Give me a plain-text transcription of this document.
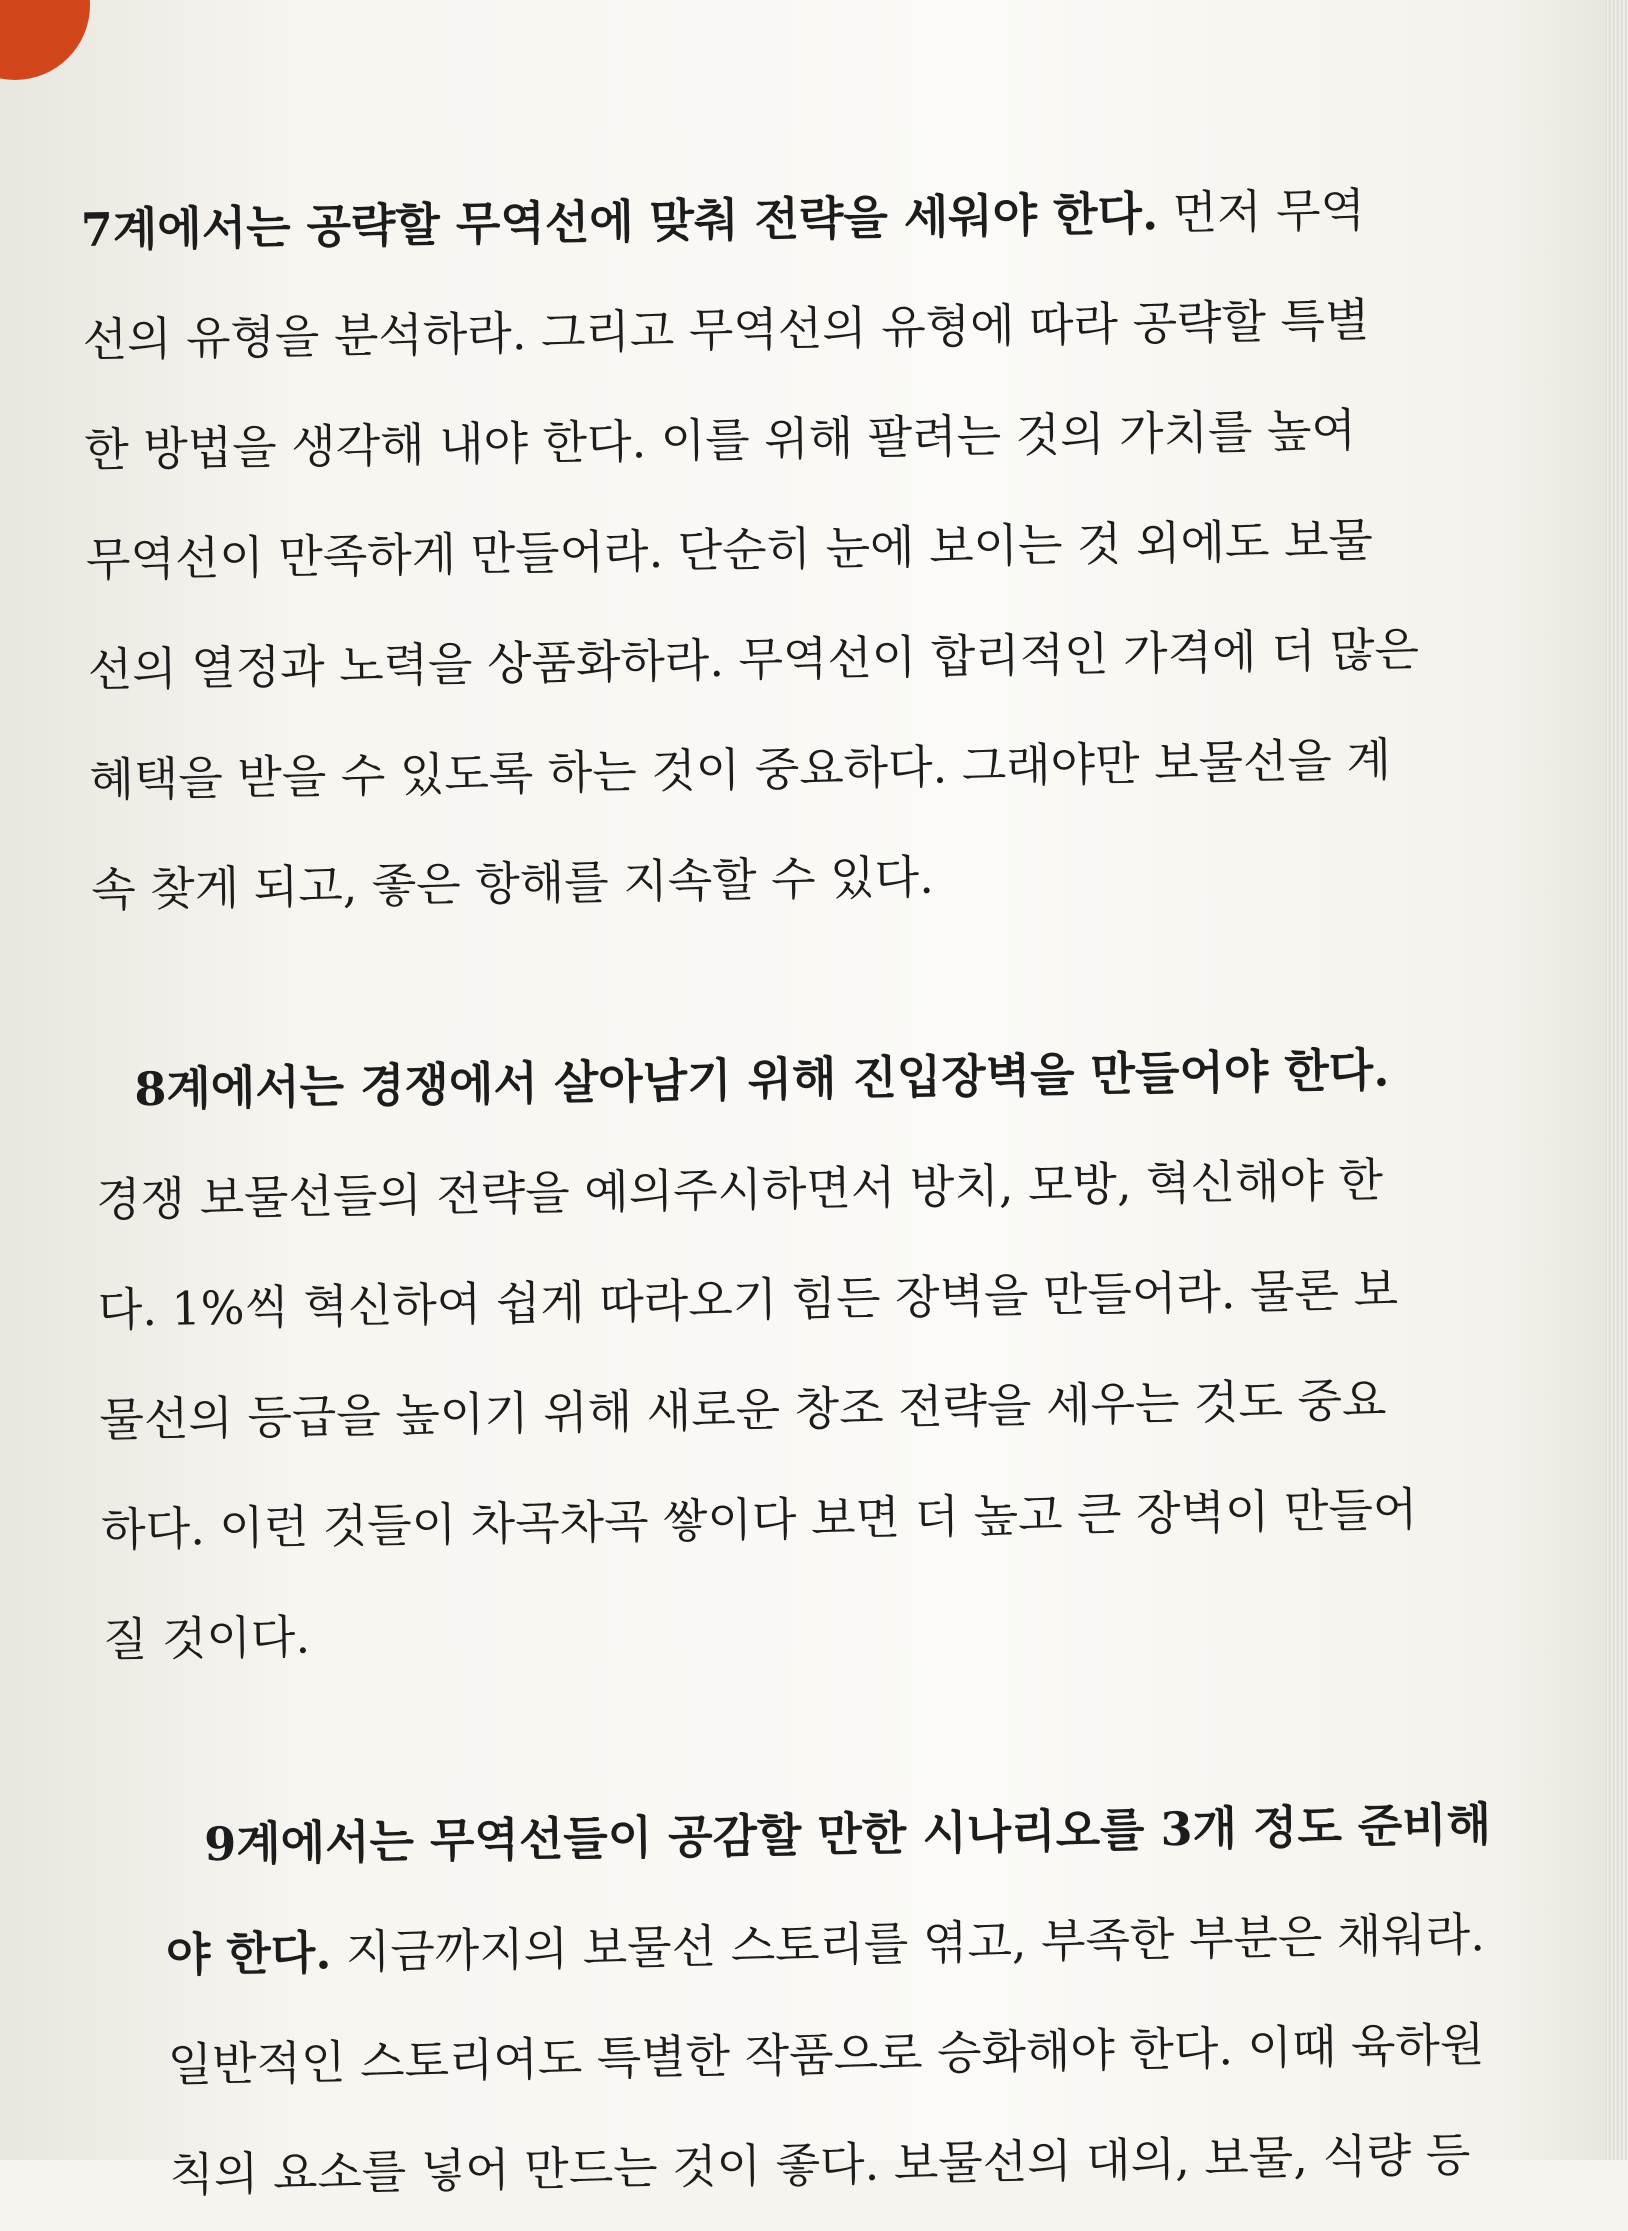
7계에서는 공략할 무역선에 맞춰 전략을 세워야 한다. 먼저 무역
선의 유형을 분석하라. 그리고 무역선의 유형에 따라 공략할 특별
한 방법을 생각해 내야 한다. 이를 위해 팔려는 것의 가치를 높여
무역선이 만족하게 만들어라. 단순히 눈에 보이는 것 외에도 보물
선의 열정과 노력을 상품화하라. 무역선이 합리적인 가격에 더 많은
혜택을 받을 수 있도록 하는 것이 중요하다. 그래야만 보물선을 계
속 찾게 되고, 좋은 항해를 지속할 수 있다.
8계에서는 경쟁에서 살아남기 위해 진입장벽을 만들어야 한다.
경쟁 보물선들의 전략을 예의주시하면서 방치, 모방, 혁신해야 한
다. 1%씩 혁신하여 쉽게 따라오기 힘든 장벽을 만들어라. 물론 보
물선의 등급을 높이기 위해 새로운 창조 전략을 세우는 것도 중요
하다. 이런 것들이 차곡차곡 쌓이다 보면 더 높고 큰 장벽이 만들어
질 것이다.
9계에서는 무역선들이 공감할 만한 시나리오를 3개 정도 준비해
야 한다. 지금까지의 보물선 스토리를 엮고, 부족한 부분은 채워라.
일반적인 스토리여도 특별한 작품으로 승화해야 한다. 이때 육하원
칙의 요소를 넣어 만드는 것이 좋다. 보물선의 대의, 보물, 식량 등
